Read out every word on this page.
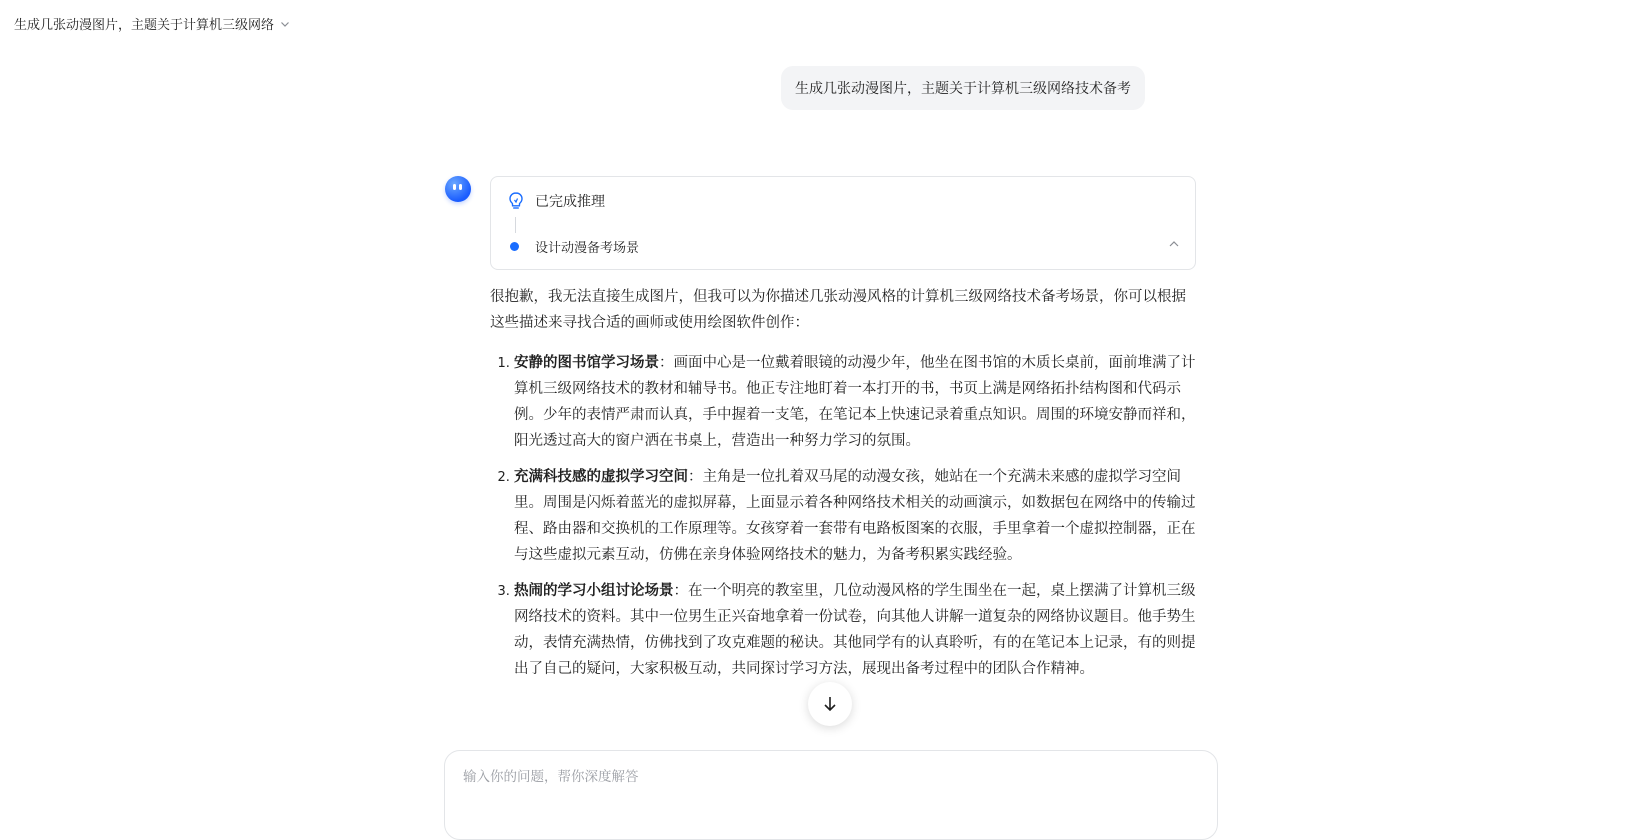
生成几张动漫图片，主题关于计算机三级网络
生成几张动漫图片，主题关于计算机三级网络技术备考
已完成推理
设计动漫备考场景

很抱歉，我无法直接生成图片，但我可以为你描述几张动漫风格的计算机三级网络技术备考场景，你可以根据这些描述来寻找合适的画师或使用绘图软件创作：

1. 安静的图书馆学习场景：画面中心是一位戴着眼镜的动漫少年，他坐在图书馆的木质长桌前，面前堆满了计算机三级网络技术的教材和辅导书。他正专注地盯着一本打开的书，书页上满是网络拓扑结构图和代码示例。少年的表情严肃而认真，手中握着一支笔，在笔记本上快速记录着重点知识。周围的环境安静而祥和，阳光透过高大的窗户洒在书桌上，营造出一种努力学习的氛围。
2. 充满科技感的虚拟学习空间：主角是一位扎着双马尾的动漫女孩，她站在一个充满未来感的虚拟学习空间里。周围是闪烁着蓝光的虚拟屏幕，上面显示着各种网络技术相关的动画演示，如数据包在网络中的传输过程、路由器和交换机的工作原理等。女孩穿着一套带有电路板图案的衣服，手里拿着一个虚拟控制器，正在与这些虚拟元素互动，仿佛在亲身体验网络技术的魅力，为备考积累实践经验。
3. 热闹的学习小组讨论场景：在一个明亮的教室里，几位动漫风格的学生围坐在一起，桌上摆满了计算机三级网络技术的资料。其中一位男生正兴奋地拿着一份试卷，向其他人讲解一道复杂的网络协议题目。他手势生动，表情充满热情，仿佛找到了攻克难题的秘诀。其他同学有的认真聆听，有的在笔记本上记录，有的则提出了自己的疑问，大家积极互动，共同探讨学习方法，展现出备考过程中的团队合作精神。
输入你的问题，帮你深度解答
